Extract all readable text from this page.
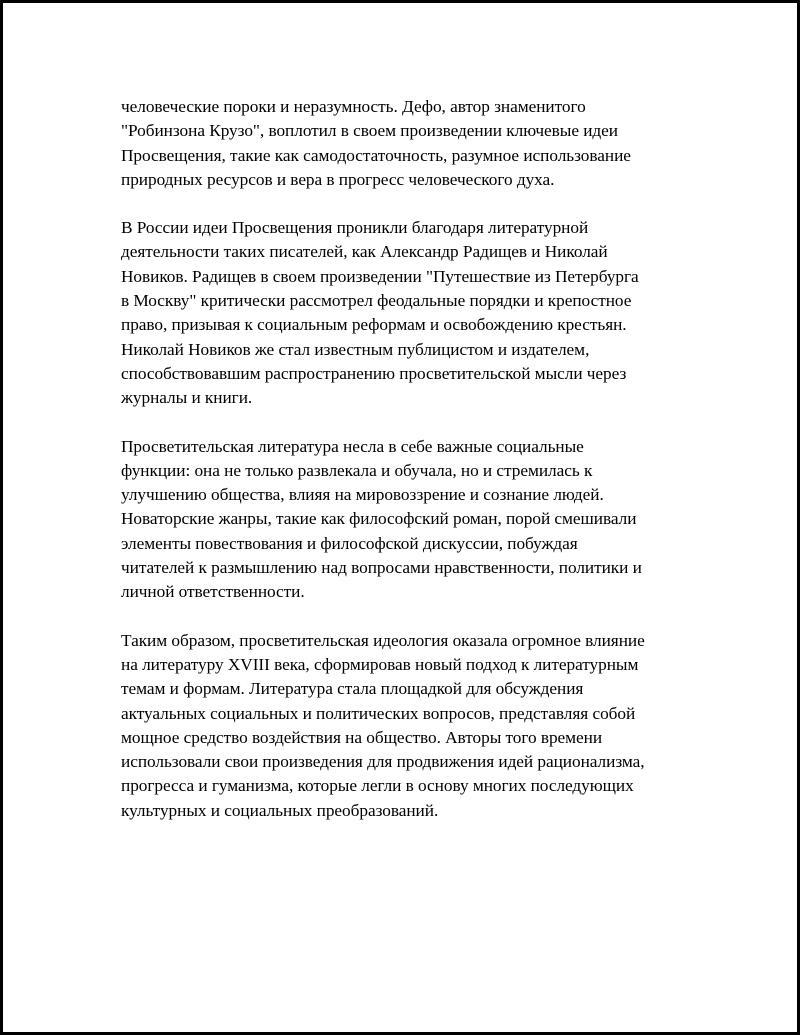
человеческие пороки и неразумность. Дефо, автор знаменитого
"Робинзона Крузо", воплотил в своем произведении ключевые идеи
Просвещения, такие как самодостаточность, разумное использование
природных ресурсов и вера в прогресс человеческого духа.

В России идеи Просвещения проникли благодаря литературной
деятельности таких писателей, как Александр Радищев и Николай
Новиков. Радищев в своем произведении "Путешествие из Петербурга
в Москву" критически рассмотрел феодальные порядки и крепостное
право, призывая к социальным реформам и освобождению крестьян.
Николай Новиков же стал известным публицистом и издателем,
способствовавшим распространению просветительской мысли через
журналы и книги.

Просветительская литература несла в себе важные социальные
функции: она не только развлекала и обучала, но и стремилась к
улучшению общества, влияя на мировоззрение и сознание людей.
Новаторские жанры, такие как философский роман, порой смешивали
элементы повествования и философской дискуссии, побуждая
читателей к размышлению над вопросами нравственности, политики и
личной ответственности.

Таким образом, просветительская идеология оказала огромное влияние
на литературу XVIII века, сформировав новый подход к литературным
темам и формам. Литература стала площадкой для обсуждения
актуальных социальных и политических вопросов, представляя собой
мощное средство воздействия на общество. Авторы того времени
использовали свои произведения для продвижения идей рационализма,
прогресса и гуманизма, которые легли в основу многих последующих
культурных и социальных преобразований.
